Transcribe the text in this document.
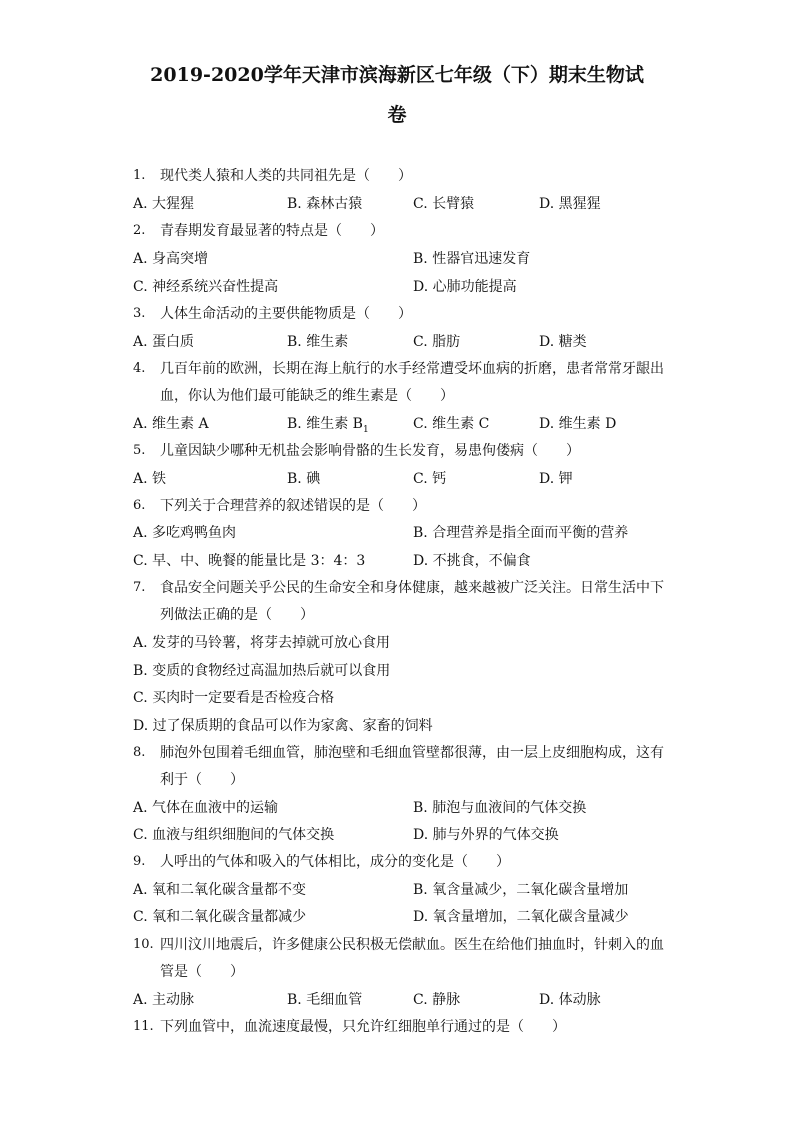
2019-2020学年天津市滨海新区七年级（下）期末生物试
卷
1. 现代类人猿和人类的共同祖先是（　　）
A. 大猩猩	B. 森林古猿	C. 长臂猿	D. 黑猩猩
2. 青春期发育最显著的特点是（　　）
A. 身高突增	B. 性器官迅速发育
C. 神经系统兴奋性提高	D. 心肺功能提高
3. 人体生命活动的主要供能物质是（　　）
A. 蛋白质	B. 维生素	C. 脂肪	D. 糖类
4. 几百年前的欧洲，长期在海上航行的水手经常遭受坏血病的折磨，患者常常牙龈出
血，你认为他们最可能缺乏的维生素是（　　）
A. 维生素 A	B. 维生素 $B_1$	C. 维生素 C	D. 维生素 D
5. 儿童因缺少哪种无机盐会影响骨骼的生长发育，易患佝偻病（　　）
A. 铁	B. 碘	C. 钙	D. 钾
6. 下列关于合理营养的叙述错误的是（　　）
A. 多吃鸡鸭鱼肉	B. 合理营养是指全面而平衡的营养
C. 早、中、晚餐的能量比是 3：4：3	D. 不挑食，不偏食
7. 食品安全问题关乎公民的生命安全和身体健康，越来越被广泛关注。日常生活中下
列做法正确的是（　　）
A. 发芽的马铃薯，将芽去掉就可放心食用
B. 变质的食物经过高温加热后就可以食用
C. 买肉时一定要看是否检疫合格
D. 过了保质期的食品可以作为家禽、家畜的饲料
8. 肺泡外包围着毛细血管，肺泡壁和毛细血管壁都很薄，由一层上皮细胞构成，这有
利于（　　）
A. 气体在血液中的运输	B. 肺泡与血液间的气体交换
C. 血液与组织细胞间的气体交换	D. 肺与外界的气体交换
9. 人呼出的气体和吸入的气体相比，成分的变化是（　　）
A. 氧和二氧化碳含量都不变	B. 氧含量减少，二氧化碳含量增加
C. 氧和二氧化碳含量都减少	D. 氧含量增加，二氧化碳含量减少
10. 四川汶川地震后，许多健康公民积极无偿献血。医生在给他们抽血时，针刺入的血
管是（　　）
A. 主动脉	B. 毛细血管	C. 静脉	D. 体动脉
11. 下列血管中，血流速度最慢，只允许红细胞单行通过的是（　　）
